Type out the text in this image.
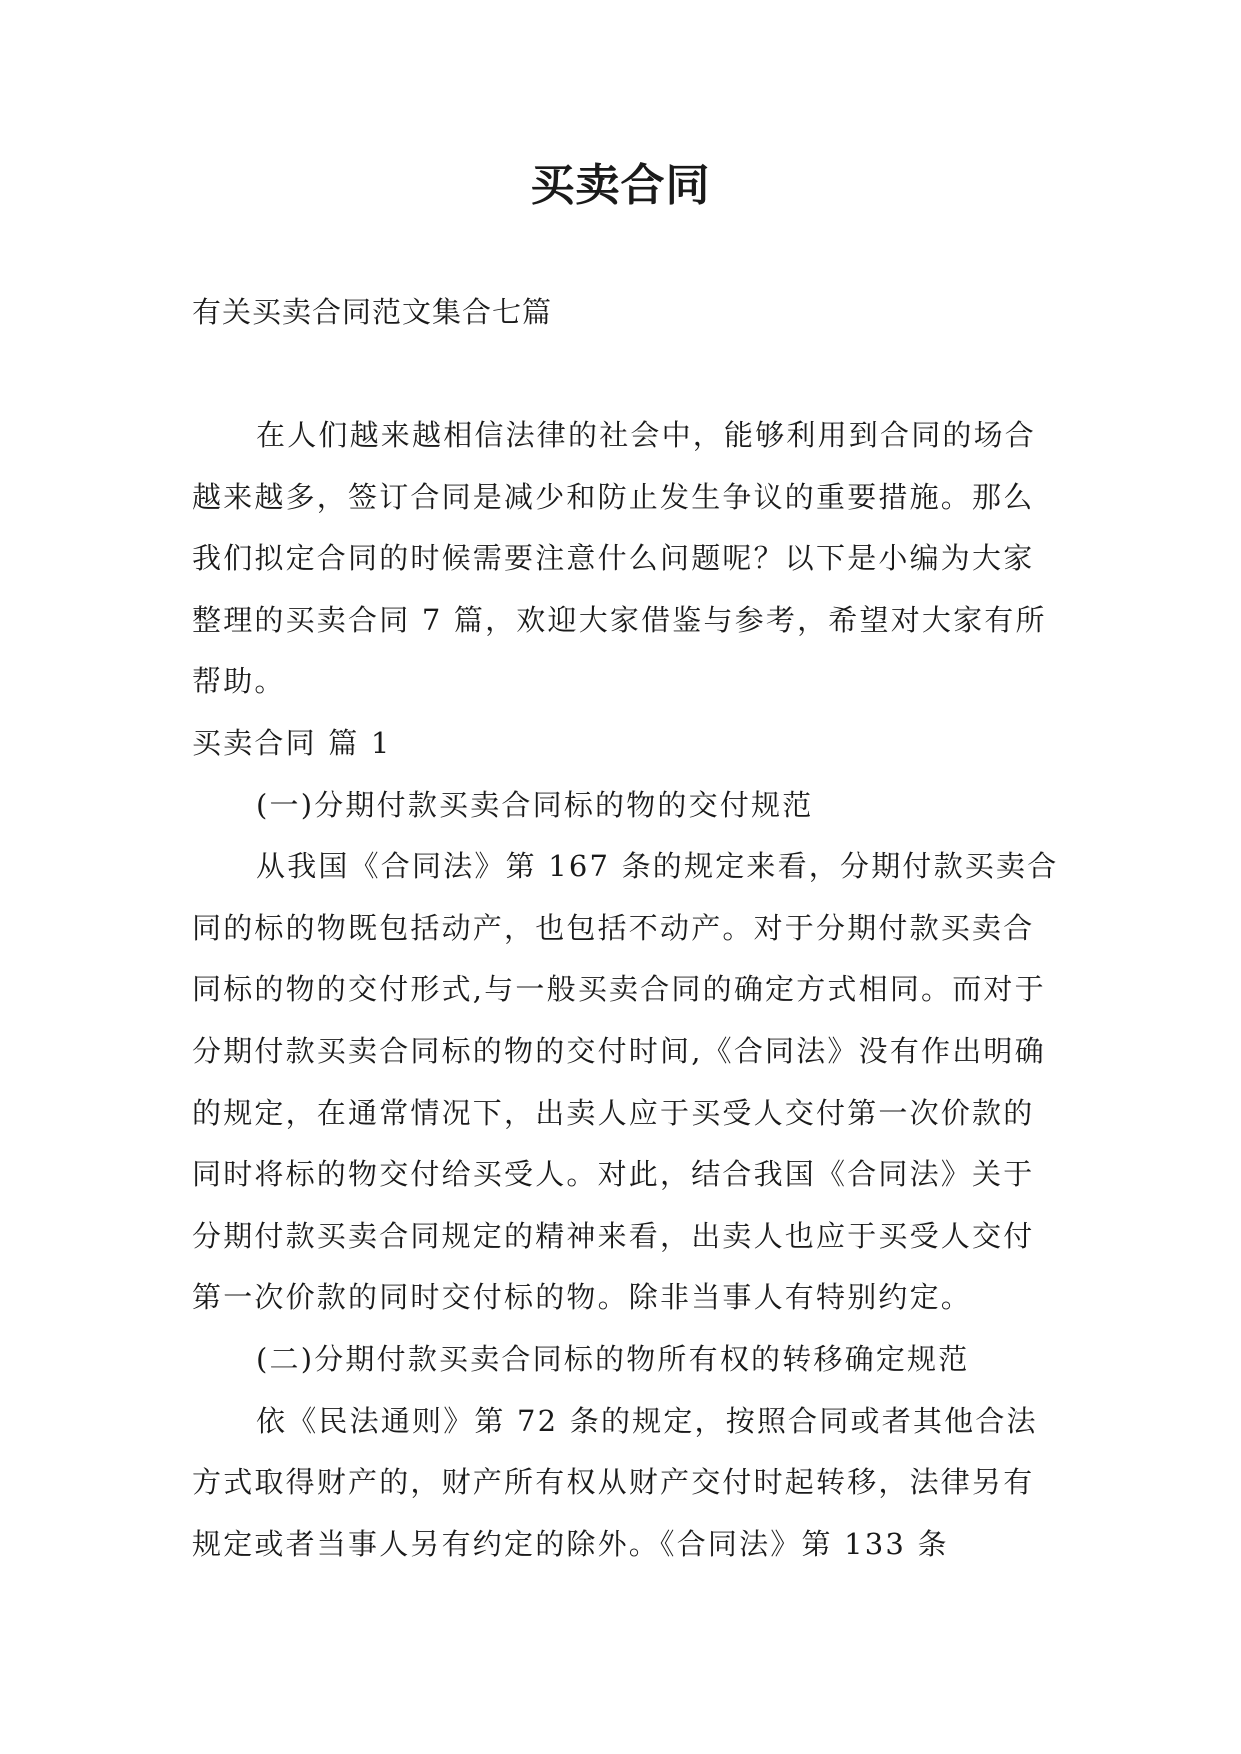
买卖合同

有关买卖合同范文集合七篇

在人们越来越相信法律的社会中，能够利用到合同的场合越来越多，签订合同是减少和防止发生争议的重要措施。那么我们拟定合同的时候需要注意什么问题呢？以下是小编为大家整理的买卖合同 7 篇，欢迎大家借鉴与参考，希望对大家有所帮助。

买卖合同 篇 1

(一)分期付款买卖合同标的物的交付规范

从我国《合同法》第 167 条的规定来看，分期付款买卖合同的标的物既包括动产，也包括不动产。对于分期付款买卖合同标的物的交付形式,与一般买卖合同的确定方式相同。而对于分期付款买卖合同标的物的交付时间,《合同法》没有作出明确的规定，在通常情况下，出卖人应于买受人交付第一次价款的同时将标的物交付给买受人。对此，结合我国《合同法》关于分期付款买卖合同规定的精神来看，出卖人也应于买受人交付第一次价款的同时交付标的物。除非当事人有特别约定。

(二)分期付款买卖合同标的物所有权的转移确定规范

依《民法通则》第 72 条的规定，按照合同或者其他合法方式取得财产的，财产所有权从财产交付时起转移，法律另有规定或者当事人另有约定的除外。《合同法》第 133 条
